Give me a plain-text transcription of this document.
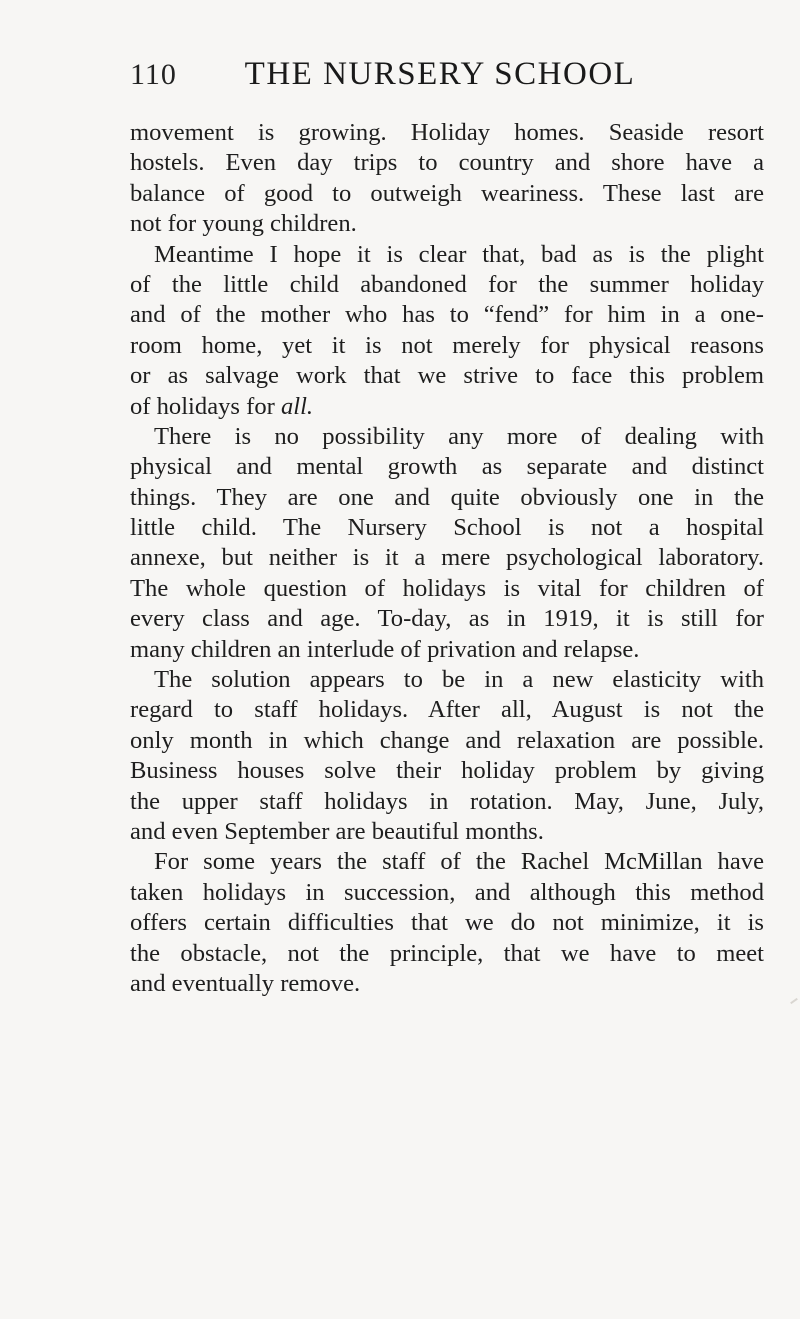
110	THE NURSERY SCHOOL
movement is growing. Holiday homes. Seaside resort
hostels. Even day trips to country and shore have a
balance of good to outweigh weariness. These last are
not for young children.
Meantime I hope it is clear that, bad as is the plight
of the little child abandoned for the summer holiday
and of the mother who has to “fend” for him in a one-
room home, yet it is not merely for physical reasons
or as salvage work that we strive to face this problem
of holidays for all.
There is no possibility any more of dealing with
physical and mental growth as separate and distinct
things. They are one and quite obviously one in the
little child. The Nursery School is not a hospital
annexe, but neither is it a mere psychological laboratory.
The whole question of holidays is vital for children of
every class and age. To-day, as in 1919, it is still for
many children an interlude of privation and relapse.
The solution appears to be in a new elasticity with
regard to staff holidays. After all, August is not the
only month in which change and relaxation are possible.
Business houses solve their holiday problem by giving
the upper staff holidays in rotation. May, June, July,
and even September are beautiful months.
For some years the staff of the Rachel McMillan have
taken holidays in succession, and although this method
offers certain difficulties that we do not minimize, it is
the obstacle, not the principle, that we have to meet
and eventually remove.
